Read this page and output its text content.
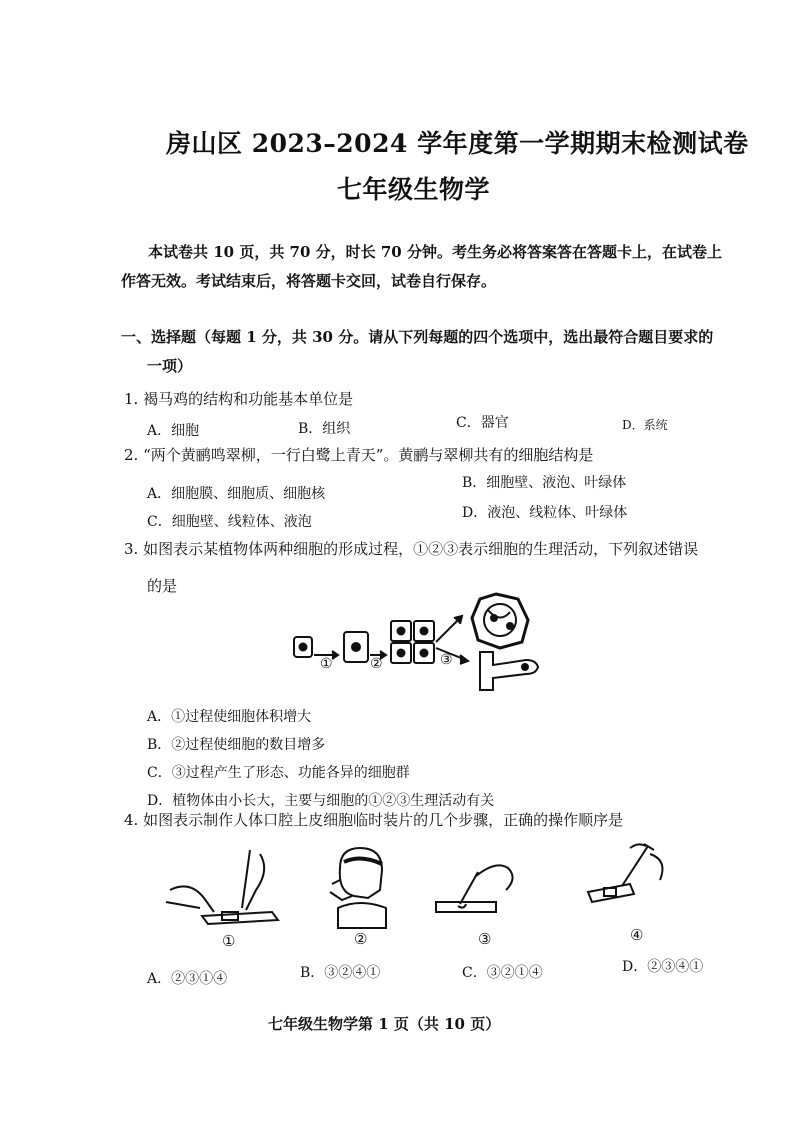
房山区 2023–2024 学年度第一学期期末检测试卷
七年级生物学
本试卷共 10 页，共 70 分，时长 70 分钟。考生务必将答案答在答题卡上，在试卷上
作答无效。考试结束后，将答题卡交回，试卷自行保存。
一、选择题（每题 1 分，共 30 分。请从下列每题的四个选项中，选出最符合题目要求的
一项）
1. 褐马鸡的结构和功能基本单位是
A．细胞	B．组织	C．器官	D．系统
2. “两个黄鹂鸣翠柳，一行白鹭上青天”。黄鹂与翠柳共有的细胞结构是
A．细胞膜、细胞质、细胞核
B．细胞壁、液泡、叶绿体
C．细胞壁、线粒体、液泡
D．液泡、线粒体、叶绿体
3. 如图表示某植物体两种细胞的形成过程，①②③表示细胞的生理活动，下列叙述错误
的是
①	②	③
A．①过程使细胞体积增大
B．②过程使细胞的数目增多
C．③过程产生了形态、功能各异的细胞群
D．植物体由小长大，主要与细胞的①②③生理活动有关
4. 如图表示制作人体口腔上皮细胞临时装片的几个步骤，正确的操作顺序是
①	②	③	④
A．②③①④	B．③②④①	C．③②①④	D．②③④①
七年级生物学第 1 页（共 10 页）
